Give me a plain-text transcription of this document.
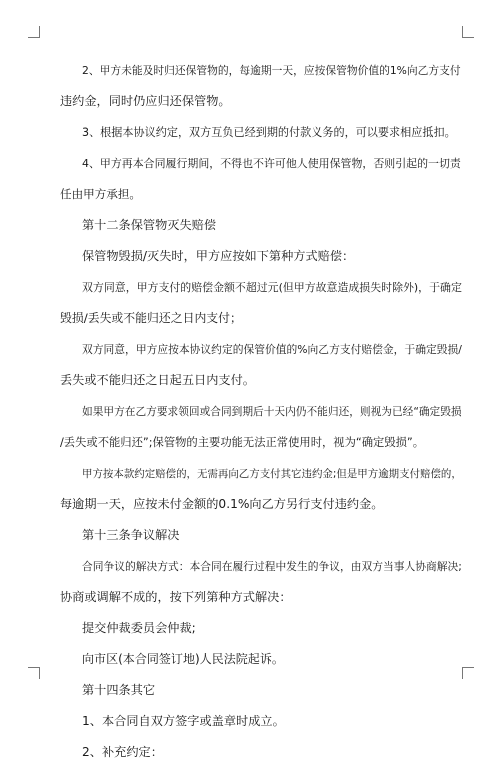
2、甲方未能及时归还保管物的，每逾期一天，应按保管物价值的1%向乙方支付
违约金，同时仍应归还保管物。
3、根据本协议约定，双方互负已经到期的付款义务的，可以要求相应抵扣。
4、甲方再本合同履行期间，不得也不许可他人使用保管物，否则引起的一切责
任由甲方承担。
第十二条保管物灭失赔偿
保管物毁损/灭失时，甲方应按如下第种方式赔偿：
双方同意，甲方支付的赔偿金额不超过元(但甲方故意造成损失时除外)，于确定
毁损/丢失或不能归还之日内支付；
双方同意，甲方应按本协议约定的保管价值的%向乙方支付赔偿金，于确定毁损/
丢失或不能归还之日起五日内支付。
如果甲方在乙方要求领回或合同到期后十天内仍不能归还，则视为已经“确定毁损
/丢失或不能归还”;保管物的主要功能无法正常使用时，视为“确定毁损”。
甲方按本款约定赔偿的，无需再向乙方支付其它违约金;但是甲方逾期支付赔偿的，
每逾期一天，应按未付金额的0.1%向乙方另行支付违约金。
第十三条争议解决
合同争议的解决方式：本合同在履行过程中发生的争议，由双方当事人协商解决;
协商或调解不成的，按下列第种方式解决：
提交仲裁委员会仲裁;
向市区(本合同签订地)人民法院起诉。
第十四条其它
1、本合同自双方签字或盖章时成立。
2、补充约定：
